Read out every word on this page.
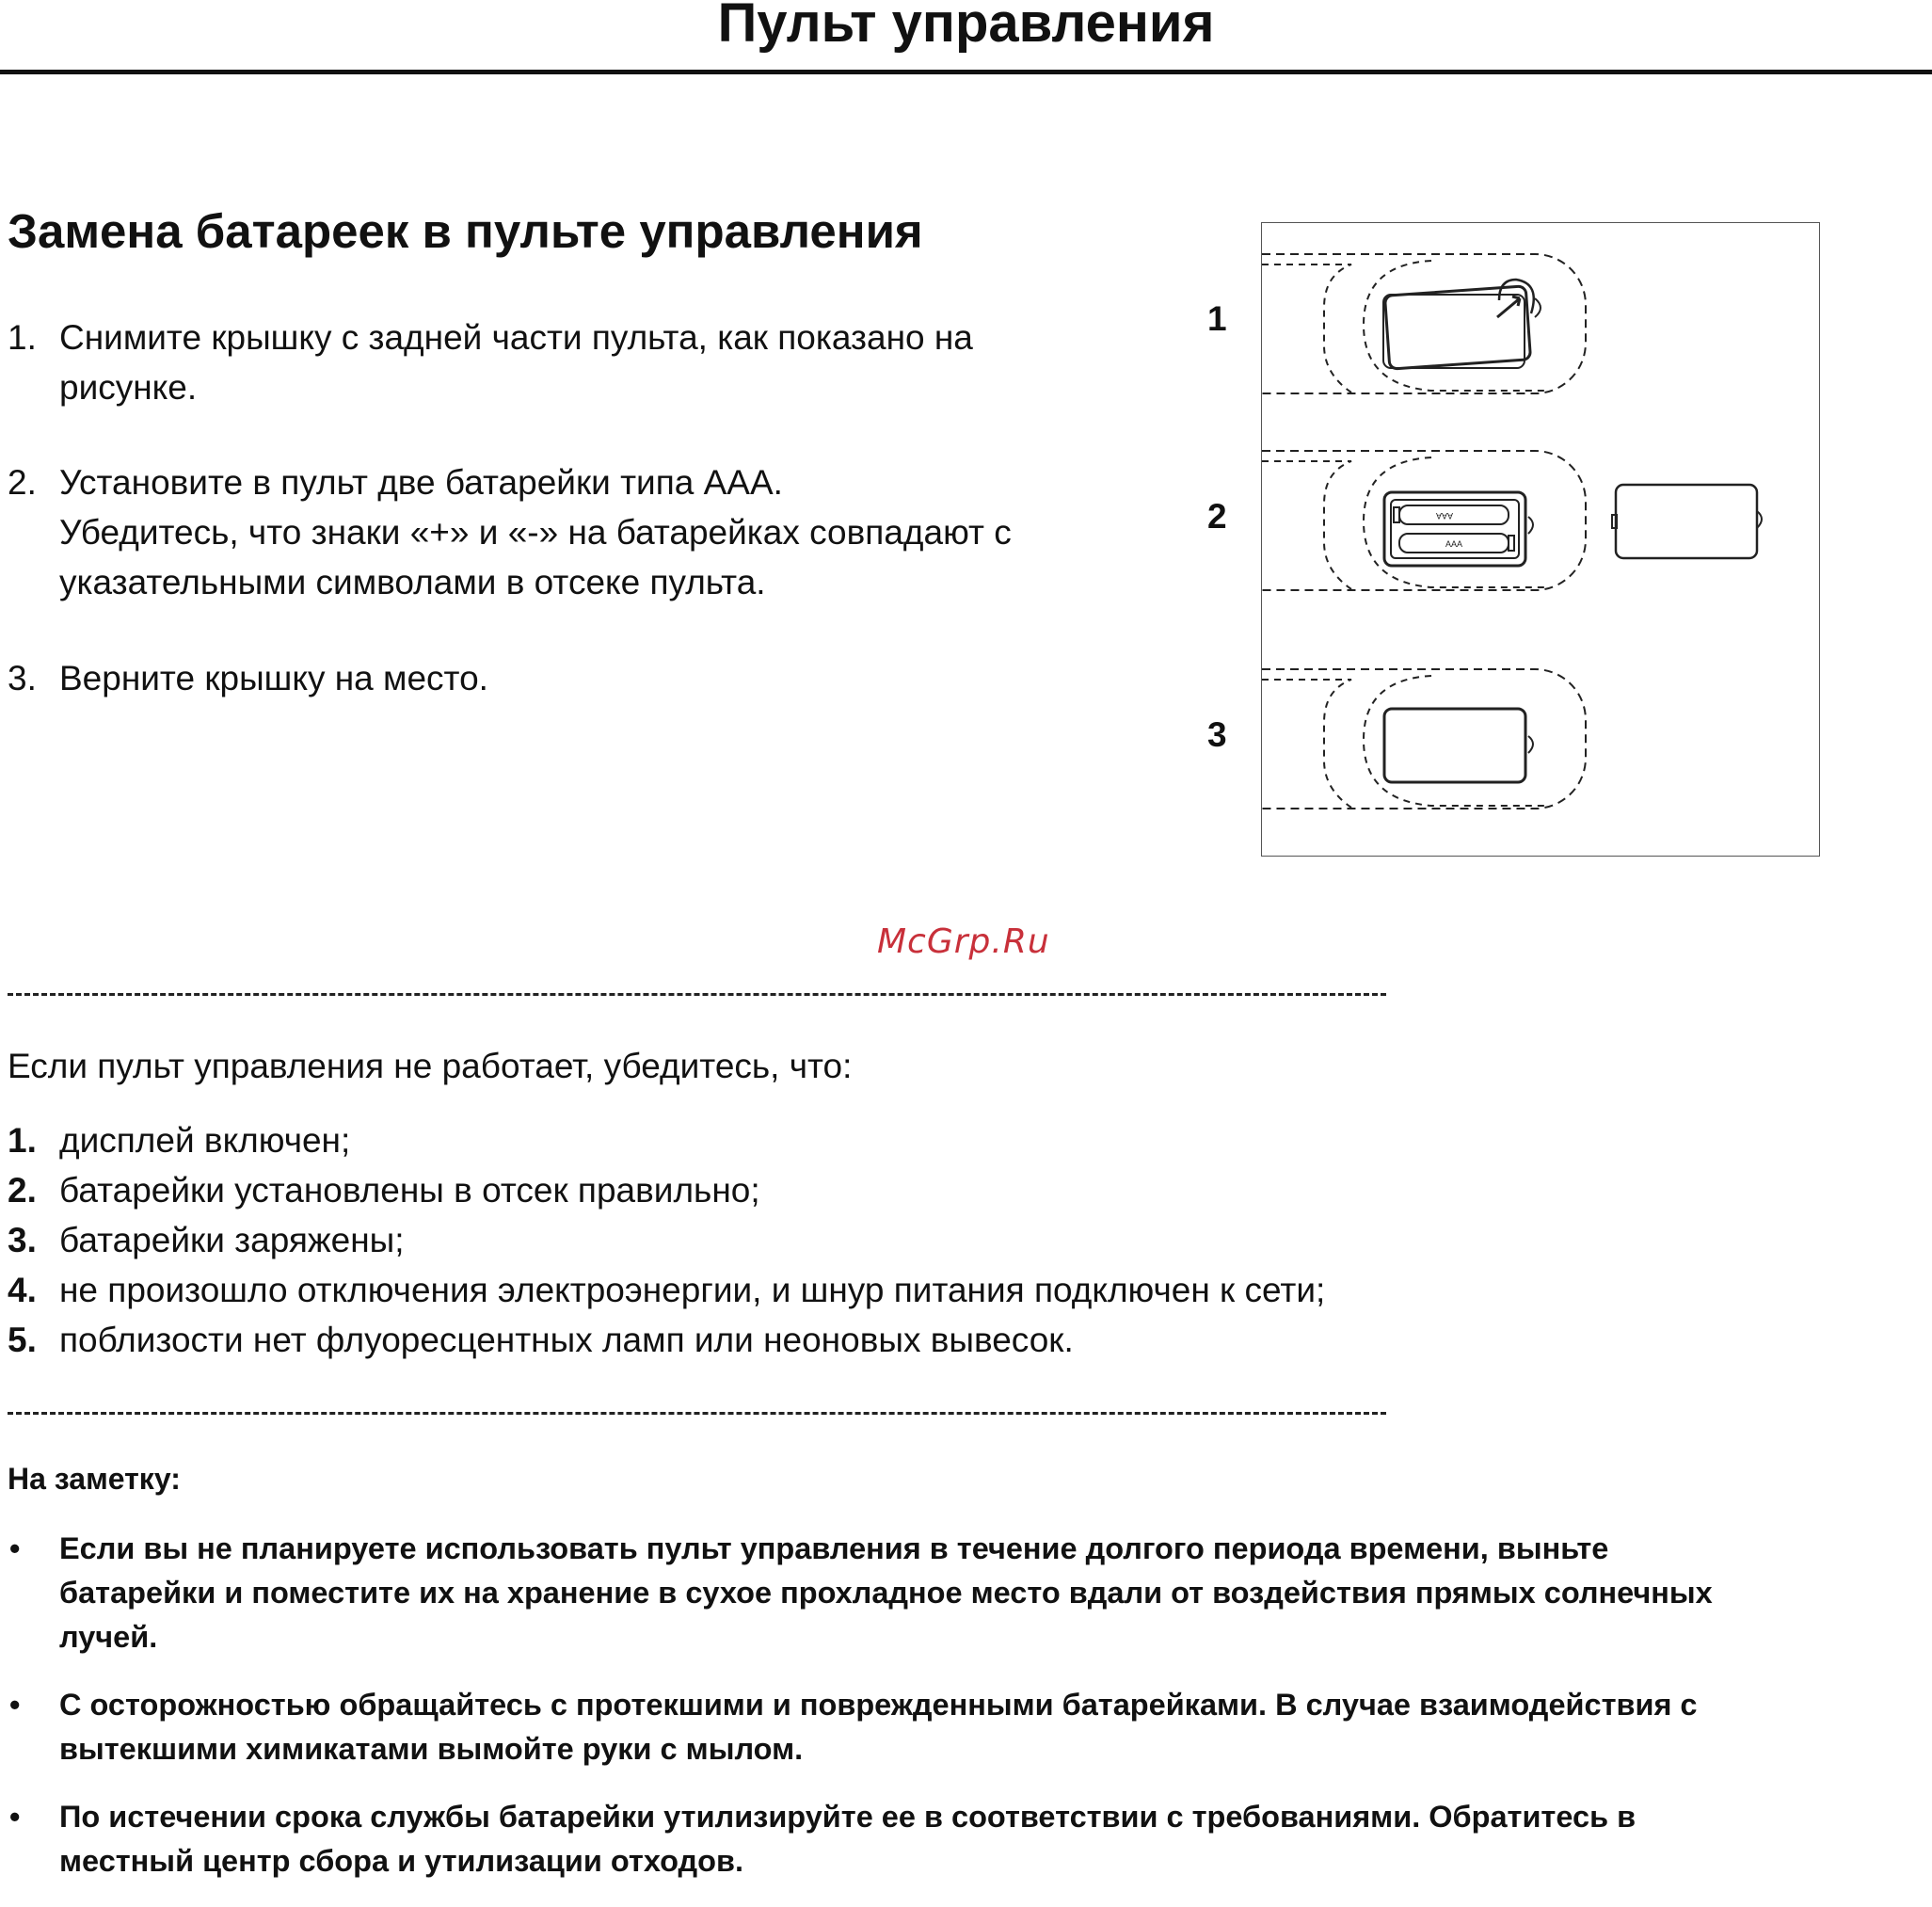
Пульт управления
Замена батареек в пульте управления
1. Снимите крышку с задней части пульта, как показано на
рисунке.
2. Установите в пульт две батарейки типа AAA.
Убедитесь, что знаки «+» и «-» на батарейках совпадают с
указательными символами в отсеке пульта.
3. Верните крышку на место.
1
2
3
AAA
AAA
McGrp.Ru

Если пульт управления не работает, убедитесь, что:

1. дисплей включен;
2. батарейки установлены в отсек правильно;
3. батарейки заряжены;
4. не произошло отключения электроэнергии, и шнур питания подключен к сети;
5. поблизости нет флуоресцентных ламп или неоновых вывесок.

На заметку:

• Если вы не планируете использовать пульт управления в течение долгого периода времени, выньте
батарейки и поместите их на хранение в сухое прохладное место вдали от воздействия прямых солнечных
лучей.
• С осторожностью обращайтесь с протекшими и поврежденными батарейками. В случае взаимодействия с
вытекшими химикатами вымойте руки с мылом.
• По истечении срока службы батарейки утилизируйте ее в соответствии с требованиями. Обратитесь в
местный центр сбора и утилизации отходов.
